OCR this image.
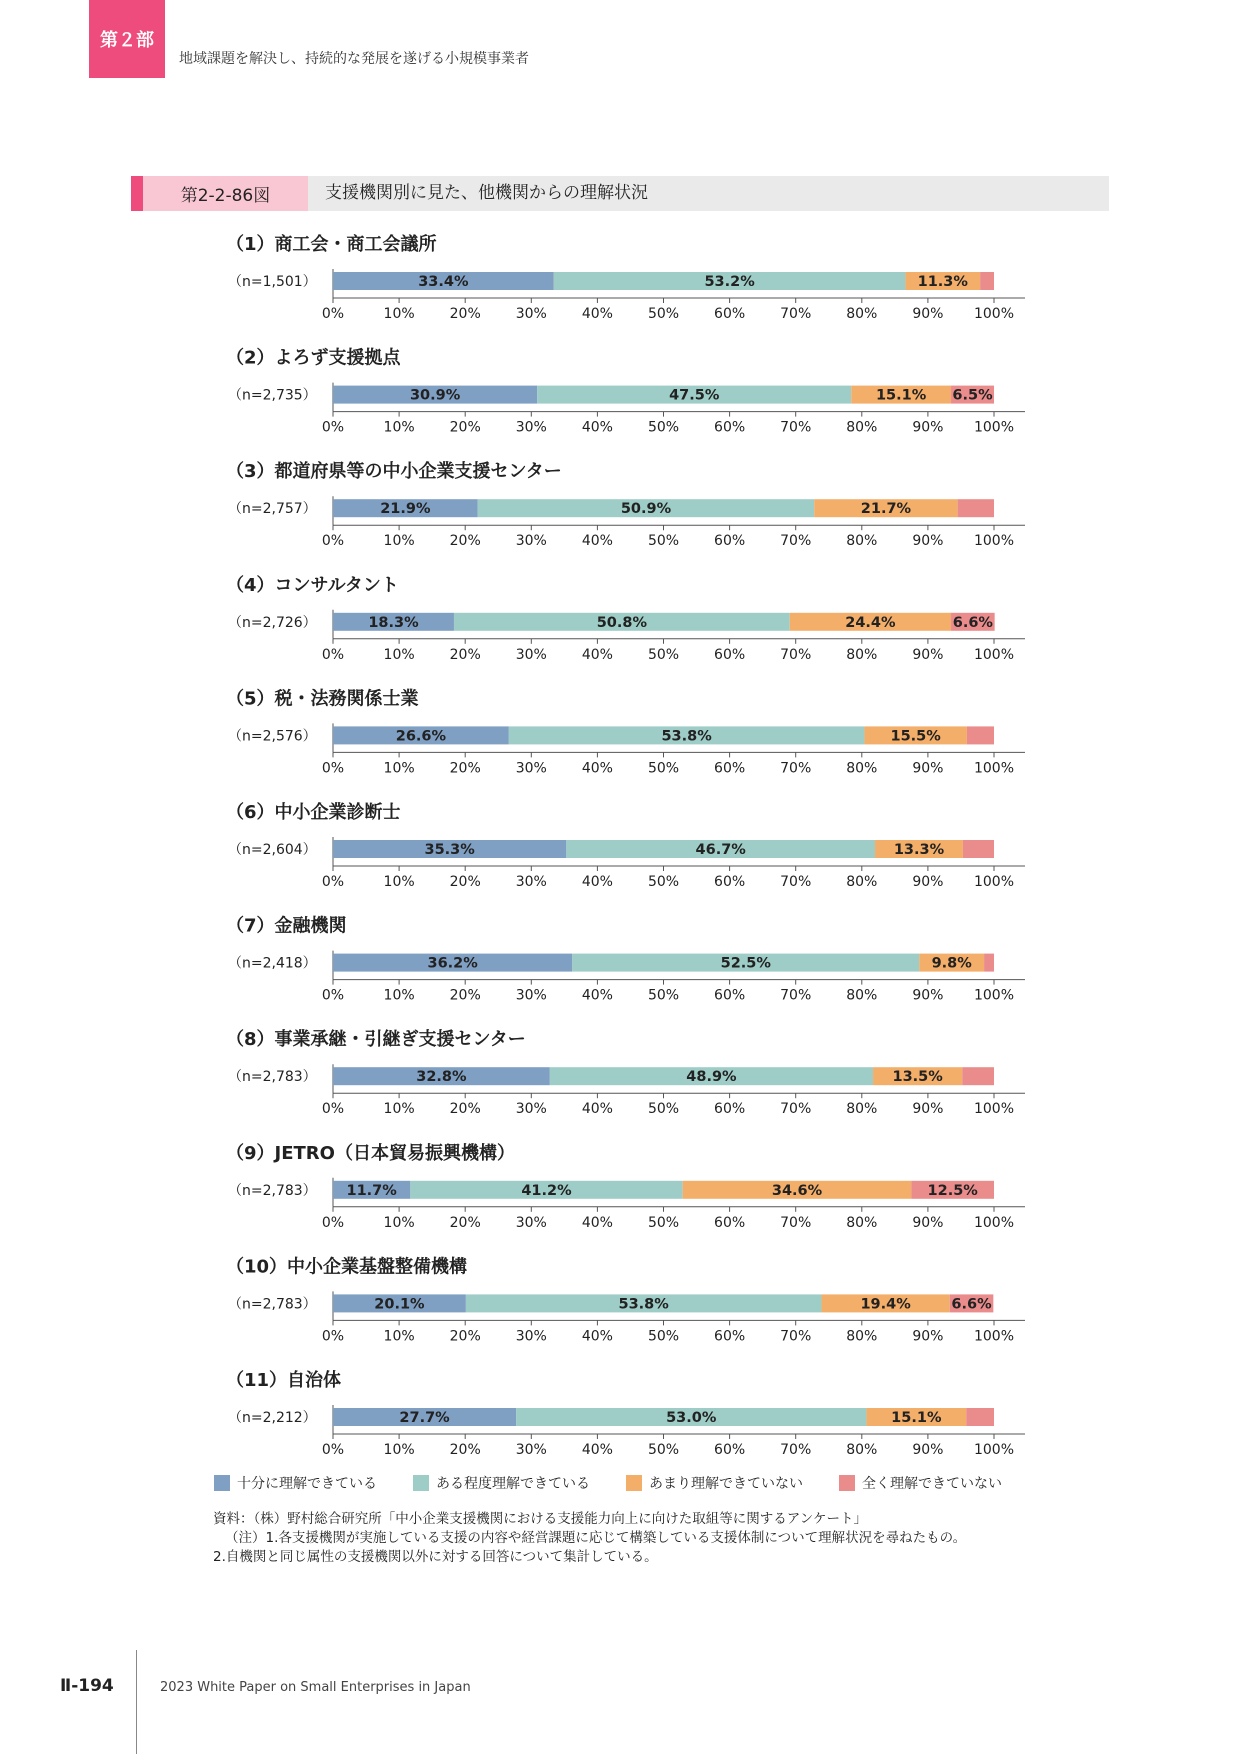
第２部
地域課題を解決し、持続的な発展を遂げる小規模事業者
第2-2-86図	支援機関別に見た、他機関からの理解状況
（1）商工会・商工会議所
（n=1,501）	33.4%	53.2%	11.3%
0%	10% 20% 30% 40% 50% 60% 70% 80% 90% 100%
（2）よろず支援拠点
（n=2,735）	30.9%	47.5%	15.1% 6.5%
0%	10% 20% 30% 40% 50% 60% 70% 80% 90% 100%
（3）都道府県等の中小企業支援センター
（n=2,757）	21.9%	50.9%	21.7%
0%	10% 20% 30% 40% 50% 60% 70% 80% 90% 100%
（4）コンサルタント
（n=2,726）	18.3%	50.8%	24.4%	6.6%
0%	10% 20% 30% 40% 50% 60% 70% 80% 90% 100%
（5）税・法務関係士業
（n=2,576）	26.6%	53.8%	15.5%
0%	10% 20% 30% 40% 50% 60% 70% 80% 90% 100%
（6）中小企業診断士
（n=2,604）	35.3%	46.7%	13.3%
0%	10% 20% 30% 40% 50% 60% 70% 80% 90% 100%
（7）金融機関
（n=2,418）	36.2%	52.5%	9.8%
0%	10% 20% 30% 40% 50% 60% 70% 80% 90% 100%
（8）事業承継・引継ぎ支援センター
（n=2,783）	32.8%	48.9%	13.5%
0%	10% 20% 30% 40% 50% 60% 70% 80% 90% 100%
（9）JETRO（日本貿易振興機構）
（n=2,783） 11.7%	41.2%	34.6%	12.5%
0%	10% 20% 30% 40% 50% 60% 70% 80% 90% 100%
（10）中小企業基盤整備機構
（n=2,783）	20.1%	53.8%	19.4%	6.6%
0%	10% 20% 30% 40% 50% 60% 70% 80% 90% 100%
（11）自治体
（n=2,212）	27.7%	53.0%	15.1%
0%	10% 20% 30% 40% 50% 60% 70% 80% 90% 100%
十分に理解できている	ある程度理解できている	あまり理解できていない	全く理解できていない
資料：（株）野村総合研究所「中小企業支援機関における支援能力向上に向けた取組等に関するアンケート」
（注）1.各支援機関が実施している支援の内容や経営課題に応じて構築している支援体制について理解状況を尋ねたもの。
2.自機関と同じ属性の支援機関以外に対する回答について集計している。
Ⅱ-194	2023 White Paper on Small Enterprises in Japan
